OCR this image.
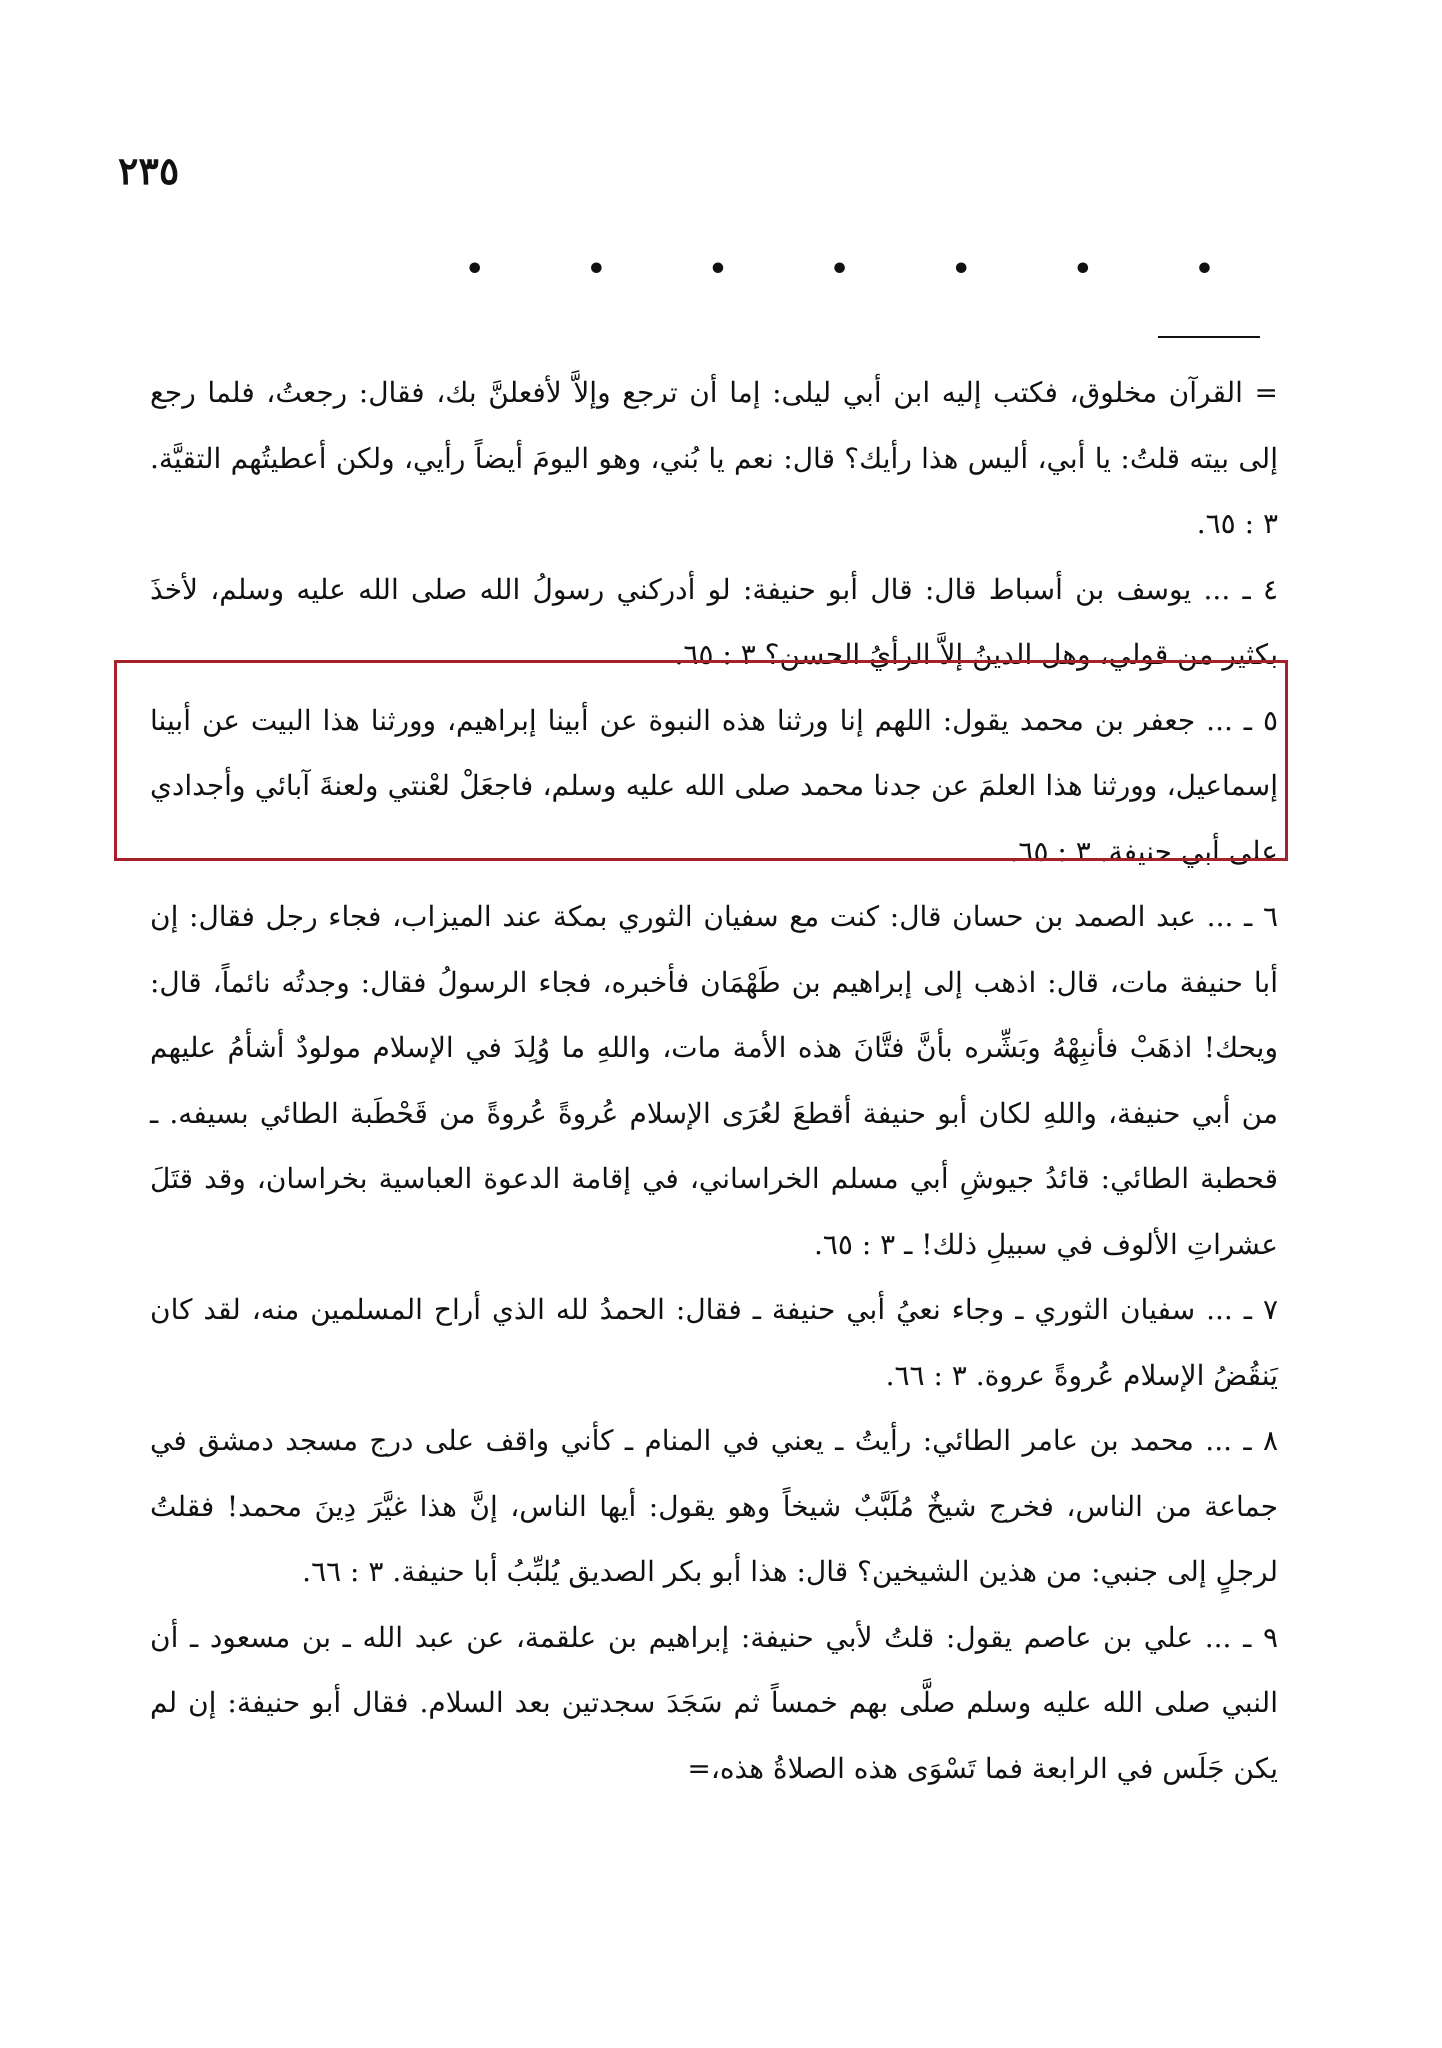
٢٣٥
• • • • • • •

= القرآن مخلوق، فكتب إليه ابن أبي ليلى: إما أن ترجع وإلاَّ لأفعلنَّ بك، فقال: رجعتُ، فلما رجع إلى بيته قلتُ: يا أبي، أليس هذا رأيك؟ قال: نعم يا بُني، وهو اليومَ أيضاً رأيي، ولكن أعطيتُهم التقيَّة. ٣ : ٦٥.

٤ ـ ... يوسف بن أسباط قال: قال أبو حنيفة: لو أدركني رسولُ الله صلى الله عليه وسلم، لأخذَ بكثير من قولي، وهل الدينُ إلاَّ الرأيُ الحسن؟ ٣ : ٦٥.

٥ ـ ... جعفر بن محمد يقول: اللهم إنا ورثنا هذه النبوة عن أبينا إبراهيم، وورثنا هذا البيت عن أبينا إسماعيل، وورثنا هذا العلمَ عن جدنا محمد صلى الله عليه وسلم، فاجعَلْ لعْنتي ولعنةَ آبائي وأجدادي على أبي حنيفة. ٣ : ٦٥.

٦ ـ ... عبد الصمد بن حسان قال: كنت مع سفيان الثوري بمكة عند الميزاب، فجاء رجل فقال: إن أبا حنيفة مات، قال: اذهب إلى إبراهيم بن طَهْمَان فأخبره، فجاء الرسولُ فقال: وجدتُه نائماً، قال: ويحك! اذهَبْ فأنبِهْهُ وبَشِّره بأنَّ فتَّانَ هذه الأمة مات، واللهِ ما وُلِدَ في الإسلام مولودٌ أشأمُ عليهم من أبي حنيفة، واللهِ لكان أبو حنيفة أقطعَ لعُرَى الإسلام عُروةً عُروةً من قَحْطَبة الطائي بسيفه. ـ قحطبة الطائي: قائدُ جيوشِ أبي مسلم الخراساني، في إقامة الدعوة العباسية بخراسان، وقد قتَلَ عشراتِ الألوف في سبيلِ ذلك! ـ ٣ : ٦٥.

٧ ـ ... سفيان الثوري ـ وجاء نعيُ أبي حنيفة ـ فقال: الحمدُ لله الذي أراح المسلمين منه، لقد كان يَنقُضُ الإسلام عُروةً عروة. ٣ : ٦٦.

٨ ـ ... محمد بن عامر الطائي: رأيتُ ـ يعني في المنام ـ كأني واقف على درج مسجد دمشق في جماعة من الناس، فخرج شيخٌ مُلَبَّبٌ شيخاً وهو يقول: أيها الناس، إنَّ هذا غيَّرَ دِينَ محمد! فقلتُ لرجلٍ إلى جنبي: من هذين الشيخين؟ قال: هذا أبو بكر الصديق يُلبِّبُ أبا حنيفة. ٣ : ٦٦.

٩ ـ ... علي بن عاصم يقول: قلتُ لأبي حنيفة: إبراهيم بن علقمة، عن عبد الله ـ بن مسعود ـ أن النبي صلى الله عليه وسلم صلَّى بهم خمساً ثم سَجَدَ سجدتين بعد السلام. فقال أبو حنيفة: إن لم يكن جَلَس في الرابعة فما تَسْوَى هذه الصلاةُ هذه،=
